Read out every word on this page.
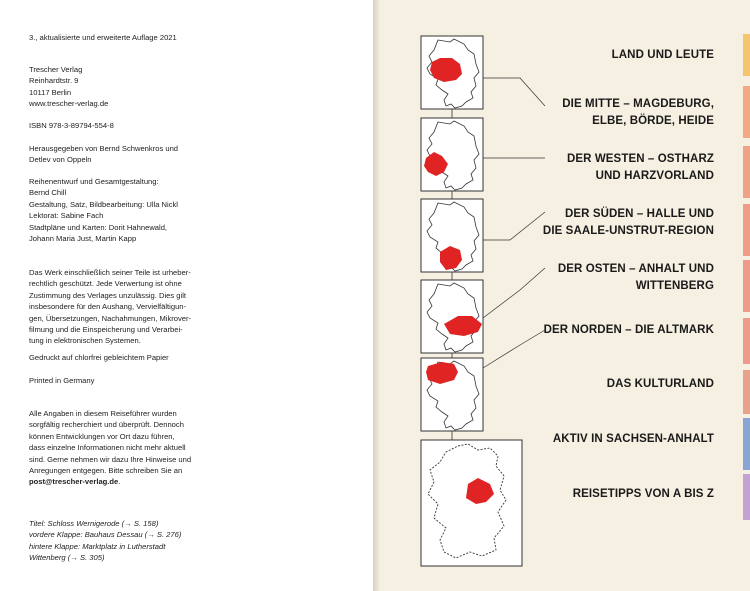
3., aktualisierte und erweiterte Auflage 2021
Trescher Verlag
Reinhardtstr. 9
10117 Berlin
www.trescher-verlag.de
ISBN 978-3-89794-554-8
Herausgegeben von Bernd Schwenkros und
Detlev von Oppeln
Reihenentwurf und Gesamtgestaltung:
Bernd Chill
Gestaltung, Satz, Bildbearbeitung: Ulla Nickl
Lektorat: Sabine Fach
Stadtpläne und Karten: Dorit Hahnewald,
Johann Maria Just, Martin Kapp
Das Werk einschließlich seiner Teile ist urheber-
rechtlich geschützt. Jede Verwertung ist ohne
Zustimmung des Verlages unzulässig. Dies gilt
insbesondere für den Aushang, Vervielfältigun-
gen, Übersetzungen, Nachahmungen, Mikrover-
filmung und die Einspeicherung und Verarbei-
tung in elektronischen Systemen.
Gedruckt auf chlorfrei gebleichtem Papier
Printed in Germany
Alle Angaben in diesem Reiseführer wurden
sorgfältig recherchiert und überprüft. Dennoch
können Entwicklungen vor Ort dazu führen,
dass einzelne Informationen nicht mehr aktuell
sind. Gerne nehmen wir dazu Ihre Hinweise und
Anregungen entgegen. Bitte schreiben Sie an
post@trescher-verlag.de.
Titel: Schloss Wernigerode (→ S. 158)
vordere Klappe: Bauhaus Dessau (→ S. 276)
hintere Klappe: Marktplatz in Lutherstadt
Wittenberg (→ S. 305)
LAND UND LEUTE
DIE MITTE – MAGDEBURG,
ELBE, BÖRDE, HEIDE
DER WESTEN – OSTHARZ
UND HARZVORLAND
DER SÜDEN – HALLE UND
DIE SAALE-UNSTRUT-REGION
DER OSTEN – ANHALT UND
WITTENBERG
DER NORDEN – DIE ALTMARK
DAS KULTURLAND
AKTIV IN SACHSEN-ANHALT
REISETIPPS VON A BIS Z
